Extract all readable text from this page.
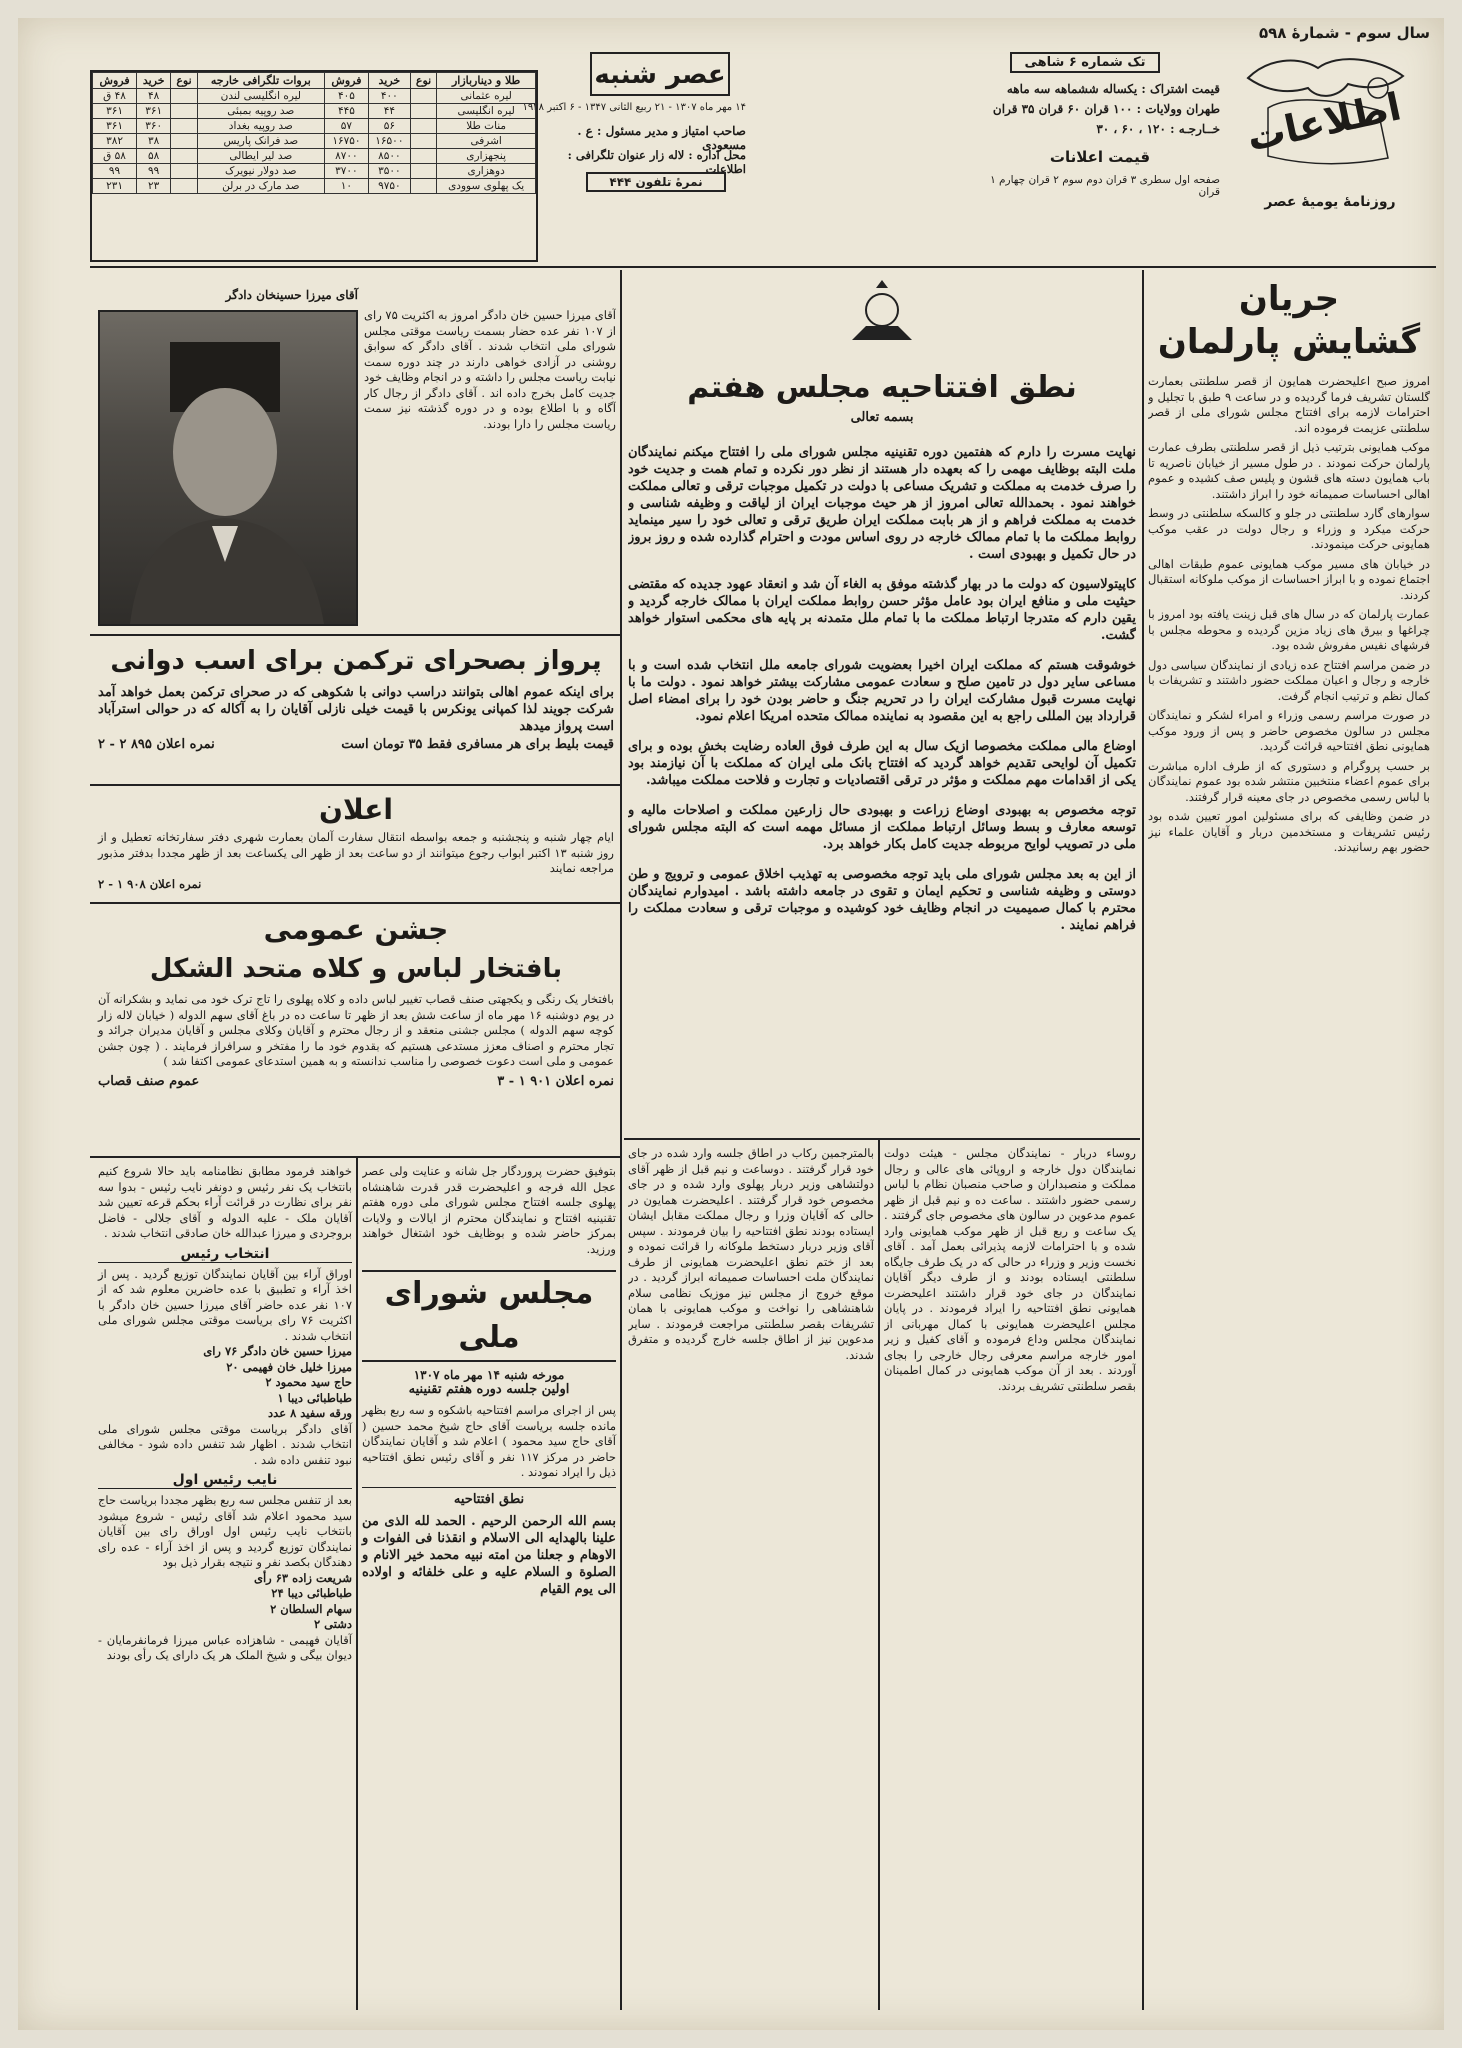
سال سوم - شمارهٔ ۵۹۸
اطلاعات
روزنامهٔ یومیهٔ عصر
تک شماره ۶ شاهی
قیمت اشتراک : یکساله ششماهه سه ماهه
طهران وولایات : ۱۰۰ قران ۶۰ قران ۳۵ قران
خــارجـه : ۱۲۰ ، ۶۰ ، ۳۰
قیمت اعلانات
صفحه اول سطری ۳ قران دوم سوم ۲ قران چهارم ۱ قران
عصر شنبه
۱۴ مهر ماه ۱۳۰۷ - ۲۱ ربیع الثانی ۱۳۴۷ - ۶ اکتبر ۱۹۲۸
صاحب امتیاز و مدیر مسئول : ع . مسعودی
محل اداره : لاله زار عنوان تلگرافی : اطلاعات
نمرهٔ تلفون ۴۴۴
طلا و دیناربازار	نوع	خرید	فروش	بروات تلگرافی خارجه	نوع	خرید	فروش
لیره عثمانی		۴۰۰	۴۰۵	لیره انگلیسی لندن		۴۸	۴۸ ق
لیره انگلیسی		۴۴	۴۴۵	صد روپیه بمبئی		۳۶۱	۳۶۱
منات طلا		۵۶	۵۷	صد روپیه بغداد		۳۶۰	۳۶۱
اشرفی		۱۶۵۰۰	۱۶۷۵۰	صد فرانک پاریس		۳۸	۳۸۲
پنجهزاری		۸۵۰۰	۸۷۰۰	صد لیر ایطالی		۵۸	۵۸ ق
دوهزاری		۳۵۰۰	۳۷۰۰	صد دولار نیویرک		۹۹	۹۹
یک پهلوی سوودی		۹۷۵۰	۱۰	صد مارک در برلن		۲۳	۲۳۱
جریان
گشایش پارلمان

امروز صبح اعلیحضرت همایون از قصر سلطنتی بعمارت گلستان تشریف فرما گردیده و در ساعت ۹ طبق با تجلیل و احترامات لازمه برای افتتاح مجلس شورای ملی از قصر سلطنتی عزیمت فرموده اند.

موکب همایونی بترتیب ذیل از قصر سلطنتی بطرف عمارت پارلمان حرکت نمودند . در طول مسیر از خیابان ناصریه تا باب همایون دسته های قشون و پلیس صف کشیده و عموم اهالی احساسات صمیمانه خود را ابراز داشتند.

سوارهای گارد سلطنتی در جلو و کالسکه سلطنتی در وسط حرکت میکرد و وزراء و رجال دولت در عقب موکب همایونی حرکت مینمودند.

در خیابان های مسیر موکب همایونی عموم طبقات اهالی اجتماع نموده و با ابراز احساسات از موکب ملوکانه استقبال کردند.

عمارت پارلمان که در سال های قبل زینت یافته بود امروز با چراغها و بیرق های زیاد مزین گردیده و محوطه مجلس با فرشهای نفیس مفروش شده بود.

در ضمن مراسم افتتاح عده زیادی از نمایندگان سیاسی دول خارجه و رجال و اعیان مملکت حضور داشتند و تشریفات با کمال نظم و ترتیب انجام گرفت.

در صورت مراسم رسمی وزراء و امراء لشکر و نمایندگان مجلس در سالون مخصوص حاضر و پس از ورود موکب همایونی نطق افتتاحیه قرائت گردید.

بر حسب پروگرام و دستوری که از طرف اداره مباشرت برای عموم اعضاء منتخبین منتشر شده بود عموم نمایندگان با لباس رسمی مخصوص در جای معینه قرار گرفتند.

در ضمن وظایفی که برای مسئولین امور تعیین شده بود رئیس تشریفات و مستخدمین دربار و آقایان علماء نیز حضور بهم رسانیدند.

نطق افتتاحیه مجلس هفتم
بسمه تعالی

نهایت مسرت را دارم که هفتمین دوره تقنینیه مجلس شورای ملی را افتتاح میکنم نمایندگان ملت البته بوظایف مهمی را که بعهده دار هستند از نظر دور نکرده و تمام همت و جدیت خود را صرف خدمت به مملکت و تشریک مساعی با دولت در تکمیل موجبات ترقی و تعالی مملکت خواهند نمود . بحمدالله تعالی امروز از هر حیث موجبات ایران از لیاقت و وظیفه شناسی و خدمت به مملکت فراهم و از هر بابت مملکت ایران طریق ترقی و تعالی خود را سیر مینماید روابط مملکت ما با تمام ممالک خارجه در روی اساس مودت و احترام گذارده شده و روز بروز در حال تکمیل و بهبودی است .

کاپیتولاسیون که دولت ما در بهار گذشته موفق به الغاء آن شد و انعقاد عهود جدیده که مقتضی حیثیت ملی و منافع ایران بود عامل مؤثر حسن روابط مملکت ایران با ممالک خارجه گردید و یقین دارم که متدرجا ارتباط مملکت ما با تمام ملل متمدنه بر پایه های محکمی استوار خواهد گشت.

خوشوقت هستم که مملکت ایران اخیرا بعضویت شورای جامعه ملل انتخاب شده است و با مساعی سایر دول در تامین صلح و سعادت عمومی مشارکت بیشتر خواهد نمود . دولت ما با نهایت مسرت قبول مشارکت ایران را در تحریم جنگ و حاضر بودن خود را برای امضاء اصل قرارداد بین المللی راجع به این مقصود به نماینده ممالک متحده امریکا اعلام نمود.

اوضاع مالی مملکت مخصوصا ازیک سال به این طرف فوق العاده رضایت بخش بوده و برای تکمیل آن لوایحی تقدیم خواهد گردید که افتتاح بانک ملی ایران که مملکت با آن نیازمند بود یکی از اقدامات مهم مملکت و مؤثر در ترقی اقتصادیات و تجارت و فلاحت مملکت میباشد.

توجه مخصوص به بهبودی اوضاع زراعت و بهبودی حال زارعین مملکت و اصلاحات مالیه و توسعه معارف و بسط وسائل ارتباط مملکت از مسائل مهمه است که البته مجلس شورای ملی در تصویب لوایح مربوطه جدیت کامل بکار خواهد برد.

از این به بعد مجلس شورای ملی باید توجه مخصوصی به تهذیب اخلاق عمومی و ترویج و طن دوستی و وظیفه شناسی و تحکیم ایمان و تقوی در جامعه داشته باشد . امیدوارم نمایندگان محترم با کمال صمیمیت در انجام وظایف خود کوشیده و موجبات ترقی و سعادت مملکت را فراهم نمایند .

بالمترجمین رکاب در اطاق جلسه وارد شده در جای خود قرار گرفتند . دوساعت و نیم قبل از ظهر آقای دولتشاهی وزیر دربار پهلوی وارد شده و در جای مخصوص خود قرار گرفتند . اعلیحضرت همایون در حالی که آقایان وزرا و رجال مملکت مقابل ایشان ایستاده بودند نطق افتتاحیه را بیان فرمودند . سپس آقای وزیر دربار دستخط ملوکانه را قرائت نموده و بعد از ختم نطق اعلیحضرت همایونی از طرف نمایندگان ملت احساسات صمیمانه ابراز گردید . در موقع خروج از مجلس نیز موزیک نظامی سلام شاهنشاهی را نواخت و موکب همایونی با همان تشریفات بقصر سلطنتی مراجعت فرمودند . سایر مدعوین نیز از اطاق جلسه خارج گردیده و متفرق شدند.
روساء دربار - نمایندگان مجلس - هیئت دولت نمایندگان دول خارجه و اروپائی های عالی و رجال مملکت و منصبداران و صاحب منصبان نظام با لباس رسمی حضور داشتند . ساعت ده و نیم قبل از ظهر عموم مدعوین در سالون های مخصوص جای گرفتند . یک ساعت و ربع قبل از ظهر موکب همایونی وارد شده و با احترامات لازمه پذیرائی بعمل آمد . آقای نخست وزیر و وزراء در حالی که در یک طرف جایگاه سلطنتی ایستاده بودند و از طرف دیگر آقایان نمایندگان در جای خود قرار داشتند اعلیحضرت همایونی نطق افتتاحیه را ایراد فرمودند . در پایان مجلس اعلیحضرت همایونی با کمال مهربانی از نمایندگان مجلس وداع فرموده و آقای کفیل و زیر امور خارجه مراسم معرفی رجال خارجی را بجای آوردند . بعد از آن موکب همایونی در کمال اطمینان بقصر سلطنتی تشریف بردند.
آقای میرزا حسینخان دادگر
آقای میرزا حسین خان دادگر امروز به اکثریت ۷۵ رای از ۱۰۷ نفر عده حضار بسمت ریاست موقتی مجلس شورای ملی انتخاب شدند . آقای دادگر که سوابق روشنی در آزادی خواهی دارند در چند دوره سمت نیابت ریاست مجلس را داشته و در انجام وظایف خود جدیت کامل بخرج داده اند . آقای دادگر از رجال کار آگاه و با اطلاع بوده و در دوره گذشته نیز سمت ریاست مجلس را دارا بودند.
پرواز بصحرای ترکمن برای اسب دوانی
برای اینکه عموم اهالی بتوانند دراسب دوانی با شکوهی که در صحرای ترکمن بعمل خواهد آمد شرکت جویند لذا کمپانی یونکرس با قیمت خیلی نازلی آقایان را به آکاله که در حوالی استرآباد است پرواز میدهد
قیمت بلیط برای هر مسافری فقط ۳۵ تومان است
نمره اعلان ۸۹۵ ۲ - ۲
اعلان
ایام چهار شنبه و پنجشنبه و جمعه بواسطه انتقال سفارت آلمان بعمارت شهری دفتر سفارتخانه تعطیل و از روز شنبه ۱۳ اکتبر ابواب رجوع میتوانند از دو ساعت بعد از ظهر الی یکساعت بعد از ظهر مجددا بدفتر مذبور مراجعه نمایند
نمره اعلان ۹۰۸ ۱ - ۲
جشن عمومی
بافتخار لباس و کلاه متحد الشکل
بافتخار یک رنگی و یکجهتی صنف قصاب تغییر لباس داده و کلاه پهلوی را تاج ترک خود می نماید و بشکرانه آن در یوم دوشنبه ۱۶ مهر ماه از ساعت شش بعد از ظهر تا ساعت ده در باغ آقای سهم الدوله ( خیابان لاله زار کوچه سهم الدوله ) مجلس جشنی منعقد و از رجال محترم و آقایان وکلای مجلس و آقایان مدیران جرائد و تجار محترم و اصناف معزز مستدعی هستیم که بقدوم خود ما را مفتخر و سرافراز فرمایند . ( چون جشن عمومی و ملی است دعوت خصوصی را مناسب ندانسته و به همین استدعای عمومی اکتفا شد )
نمره اعلان ۹۰۱ ۱ - ۳
عموم صنف قصاب
بتوفیق حضرت پروردگار جل شانه و عنایت ولی عصر عجل الله فرجه و اعلیحضرت قدر قدرت شاهنشاه پهلوی جلسه افتتاح مجلس شورای ملی دوره هفتم تقنینیه افتتاح و نمایندگان محترم از ایالات و ولایات بمرکز حاضر شده و بوظایف خود اشتغال خواهند ورزید.
مجلس شورای ملی
مورخه شنبه ۱۴ مهر ماه ۱۳۰۷
اولین جلسه دوره هفتم تقنینیه
پس از اجرای مراسم افتتاحیه باشکوه و سه ربع بظهر مانده جلسه بریاست آقای حاج شیخ محمد حسین ( آقای حاج سید محمود ) اعلام شد و آقایان نمایندگان حاضر در مرکز ۱۱۷ نفر و آقای رئیس نطق افتتاحیه ذیل را ایراد نمودند .
نطق افتتاحیه
بسم الله الرحمن الرحیم . الحمد لله الذی من علینا بالهدایه الی الاسلام و انقذنا فی الفوات و الاوهام و جعلنا من امته نبیه محمد خیر الانام و الصلوة و السلام علیه و علی خلفائه و اولاده الی یوم القیام
خواهند فرمود مطابق نظامنامه باید حالا شروع کنیم بانتخاب یک نفر رئیس و دونفر نایب رئیس - بدوا سه نفر برای نظارت در قرائت آراء بحکم قرعه تعیین شد آقایان ملک - علیه الدوله و آقای جلالی - فاضل بروجردی و میرزا عبدالله خان صادقی انتخاب شدند .
انتخاب رئیس
اوراق آراء بین آقایان نمایندگان توزیع گردید . پس از اخذ آراء و تطبیق با عده حاضرین معلوم شد که از ۱۰۷ نفر عده حاضر آقای میرزا حسین خان دادگر با اکثریت ۷۶ رای بریاست موقتی مجلس شورای ملی انتخاب شدند .
میرزا حسین خان دادگر ۷۶ رای
میرزا خلیل خان فهیمی ۲۰
حاج سید محمود ۲
طباطبائی دیبا ۱
ورقه سفید ۸ عدد
آقای دادگر بریاست موقتی مجلس شورای ملی انتخاب شدند . اظهار شد تنفس داده شود - مخالفی نبود تنفس داده شد .
نایب رئیس اول
بعد از تنفس مجلس سه ربع بظهر مجددا بریاست حاج سید محمود اعلام شد آقای رئیس - شروع میشود بانتخاب نایب رئیس اول اوراق رای بین آقایان نمایندگان توزیع گردید و پس از اخذ آراء - عده رای دهندگان بکصد نفر و نتیجه بقرار ذیل بود
شریعت زاده ۶۳ رأی
طباطبائی دیبا ۲۴
سهام السلطان ۲
دشتی ۲
آقایان فهیمی - شاهزاده عباس میرزا فرمانفرمایان - دیوان بیگی و شیخ الملک هر یک دارای یک رأی بودند
